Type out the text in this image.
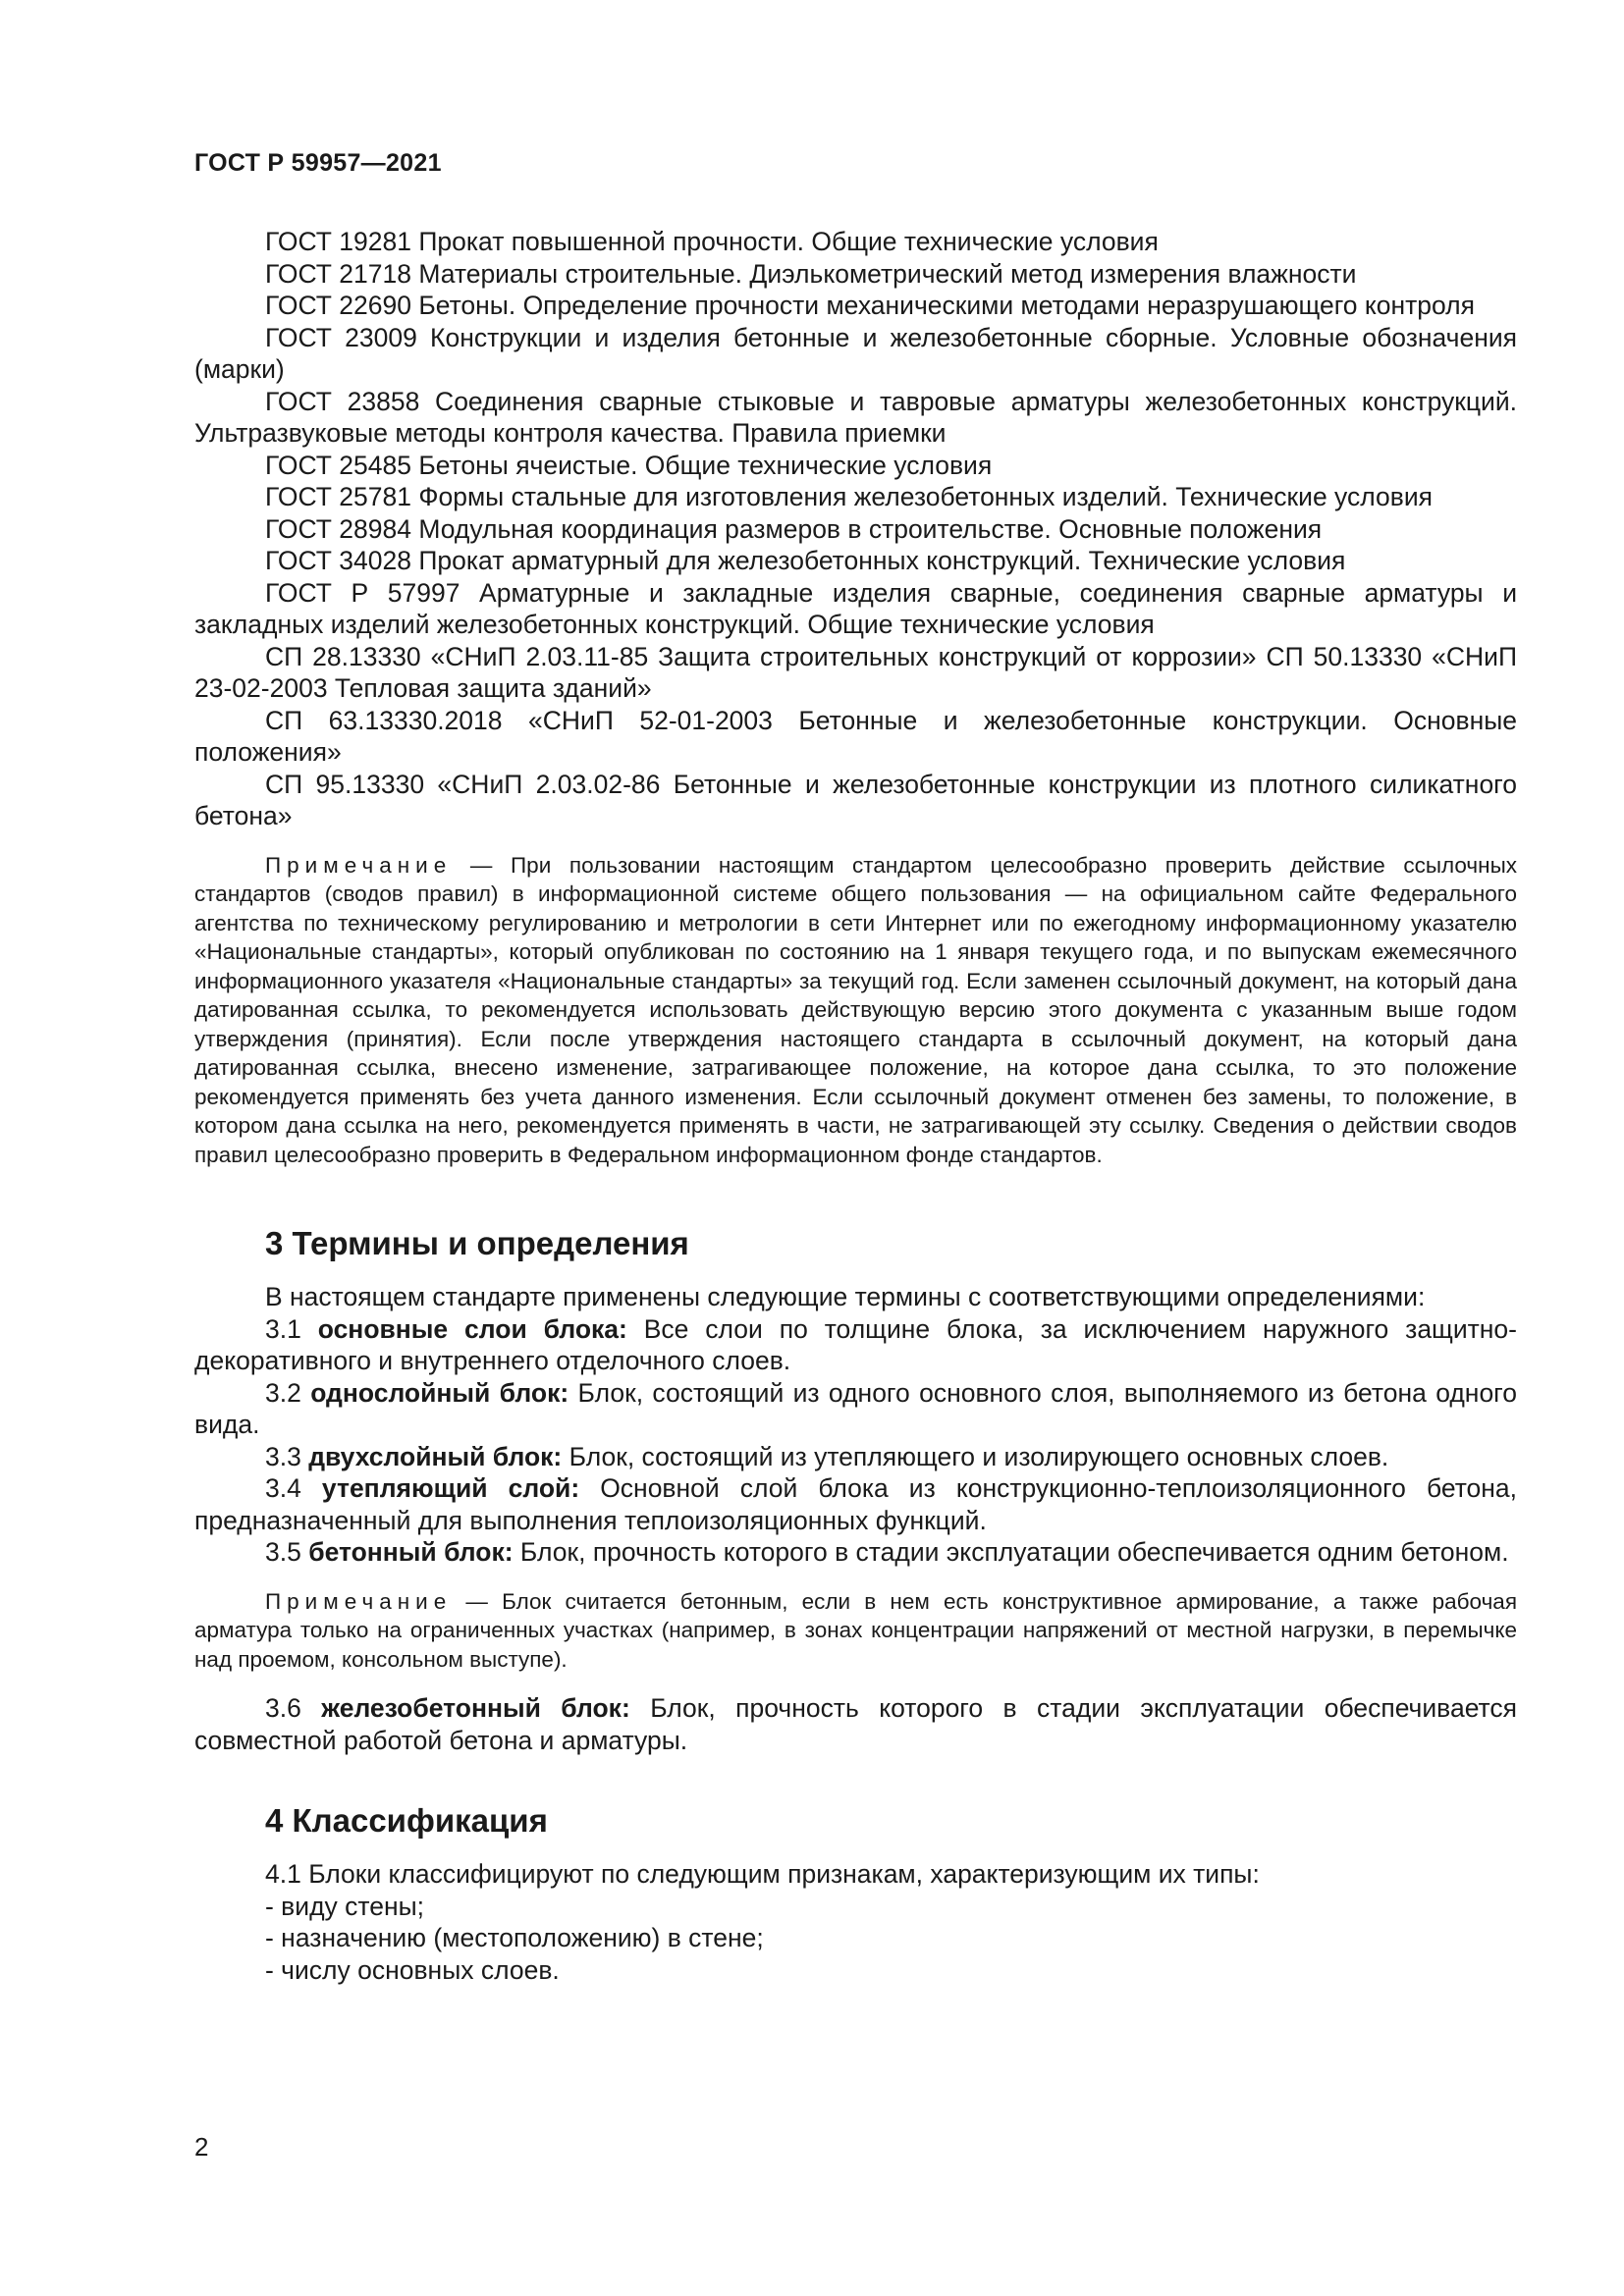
ГОСТ Р 59957—2021

ГОСТ 19281 Прокат повышенной прочности. Общие технические условия

ГОСТ 21718 Материалы строительные. Диэлькометрический метод измерения влажности

ГОСТ 22690 Бетоны. Определение прочности механическими методами неразрушающего контроля

ГОСТ 23009 Конструкции и изделия бетонные и железобетонные сборные. Условные обозначения (марки)

ГОСТ 23858 Соединения сварные стыковые и тавровые арматуры железобетонных конструкций. Ультразвуковые методы контроля качества. Правила приемки

ГОСТ 25485 Бетоны ячеистые. Общие технические условия

ГОСТ 25781 Формы стальные для изготовления железобетонных изделий. Технические условия

ГОСТ 28984 Модульная координация размеров в строительстве. Основные положения

ГОСТ 34028 Прокат арматурный для железобетонных конструкций. Технические условия

ГОСТ Р 57997 Арматурные и закладные изделия сварные, соединения сварные арматуры и закладных изделий железобетонных конструкций. Общие технические условия

СП 28.13330 «СНиП 2.03.11-85 Защита строительных конструкций от коррозии» СП 50.13330 «СНиП 23-02-2003 Тепловая защита зданий»

СП 63.13330.2018 «СНиП 52-01-2003 Бетонные и железобетонные конструкции. Основные положения»

СП 95.13330 «СНиП 2.03.02-86 Бетонные и железобетонные конструкции из плотного силикатного бетона»

Примечание — При пользовании настоящим стандартом целесообразно проверить действие ссылочных стандартов (сводов правил) в информационной системе общего пользования — на официальном сайте Федерального агентства по техническому регулированию и метрологии в сети Интернет или по ежегодному информационному указателю «Национальные стандарты», который опубликован по состоянию на 1 января текущего года, и по выпускам ежемесячного информационного указателя «Национальные стандарты» за текущий год. Если заменен ссылочный документ, на который дана датированная ссылка, то рекомендуется использовать действующую версию этого документа с указанным выше годом утверждения (принятия). Если после утверждения настоящего стандарта в ссылочный документ, на который дана датированная ссылка, внесено изменение, затрагивающее положение, на которое дана ссылка, то это положение рекомендуется применять без учета данного изменения. Если ссылочный документ отменен без замены, то положение, в котором дана ссылка на него, рекомендуется применять в части, не затрагивающей эту ссылку. Сведения о действии сводов правил целесообразно проверить в Федеральном информационном фонде стандартов.

3 Термины и определения

В настоящем стандарте применены следующие термины с соответствующими определениями:

3.1 основные слои блока: Все слои по толщине блока, за исключением наружного защитно-декоративного и внутреннего отделочного слоев.

3.2 однослойный блок: Блок, состоящий из одного основного слоя, выполняемого из бетона одного вида.

3.3 двухслойный блок: Блок, состоящий из утепляющего и изолирующего основных слоев.

3.4 утепляющий слой: Основной слой блока из конструкционно-теплоизоляционного бетона, предназначенный для выполнения теплоизоляционных функций.

3.5 бетонный блок: Блок, прочность которого в стадии эксплуатации обеспечивается одним бетоном.

Примечание — Блок считается бетонным, если в нем есть конструктивное армирование, а также рабочая арматура только на ограниченных участках (например, в зонах концентрации напряжений от местной нагрузки, в перемычке над проемом, консольном выступе).

3.6 железобетонный блок: Блок, прочность которого в стадии эксплуатации обеспечивается совместной работой бетона и арматуры.

4 Классификация

4.1 Блоки классифицируют по следующим признакам, характеризующим их типы:

- виду стены;

- назначению (местоположению) в стене;

- числу основных слоев.

2
